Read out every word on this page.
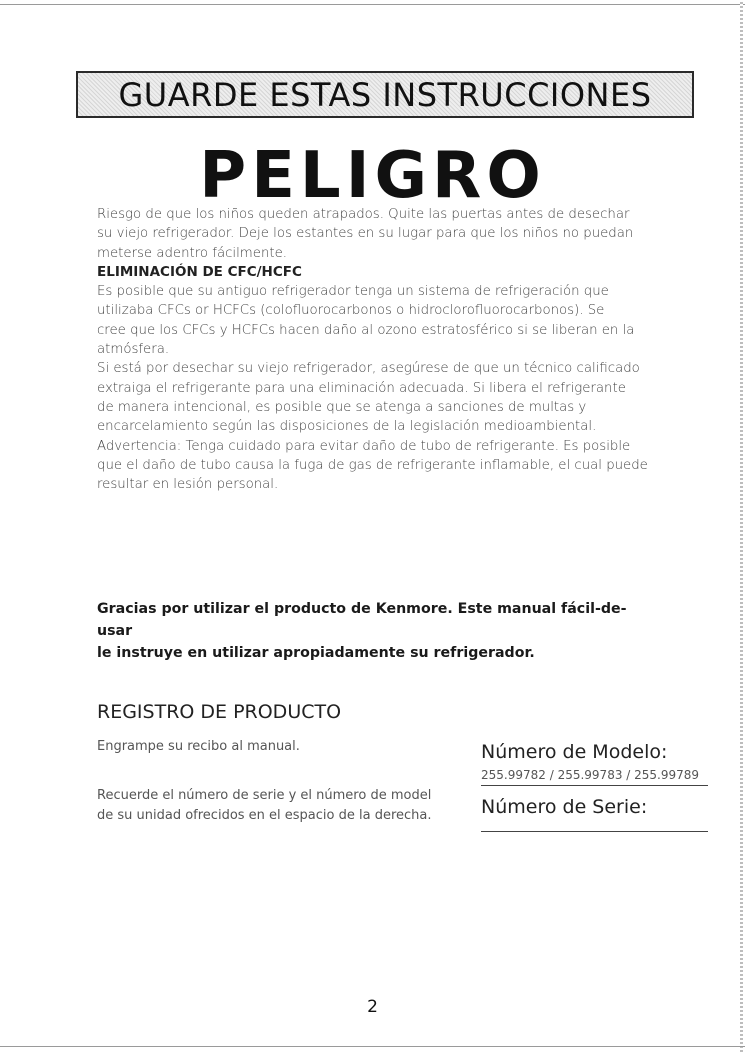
GUARDE ESTAS INSTRUCCIONES
PELIGRO

Riesgo de que los niños queden atrapados. Quite las puertas antes de desechar

su viejo refrigerador. Deje los estantes en su lugar para que los niños no puedan

meterse adentro fácilmente.

ELIMINACIÓN DE CFC/HCFC

Es posible que su antiguo refrigerador tenga un sistema de refrigeración que

utilizaba CFCs or HCFCs (colofluorocarbonos o hidroclorofluorocarbonos). Se

cree que los CFCs y HCFCs hacen daño al ozono estratosférico si se liberan en la

atmósfera.

Si está por desechar su viejo refrigerador, asegúrese de que un técnico calificado

extraiga el refrigerante para una eliminación adecuada. Si libera el refrigerante

de manera intencional, es posible que se atenga a sanciones de multas y

encarcelamiento según las disposiciones de la legislación medioambiental.

Advertencia: Tenga cuidado para evitar daño de tubo de refrigerante. Es posible

que el daño de tubo causa la fuga de gas de refrigerante inflamable, el cual puede

resultar en lesión personal.

Gracias por utilizar el producto de Kenmore. Este manual fácil-de-usar
le instruye en utilizar apropiadamente su refrigerador.
REGISTRO DE PRODUCTO
Engrampe su recibo al manual.
Recuerde el número de serie y el número de model
de su unidad ofrecidos en el espacio de la derecha.
Número de Modelo:
255.99782 / 255.99783 / 255.99789
Número de Serie:
2
